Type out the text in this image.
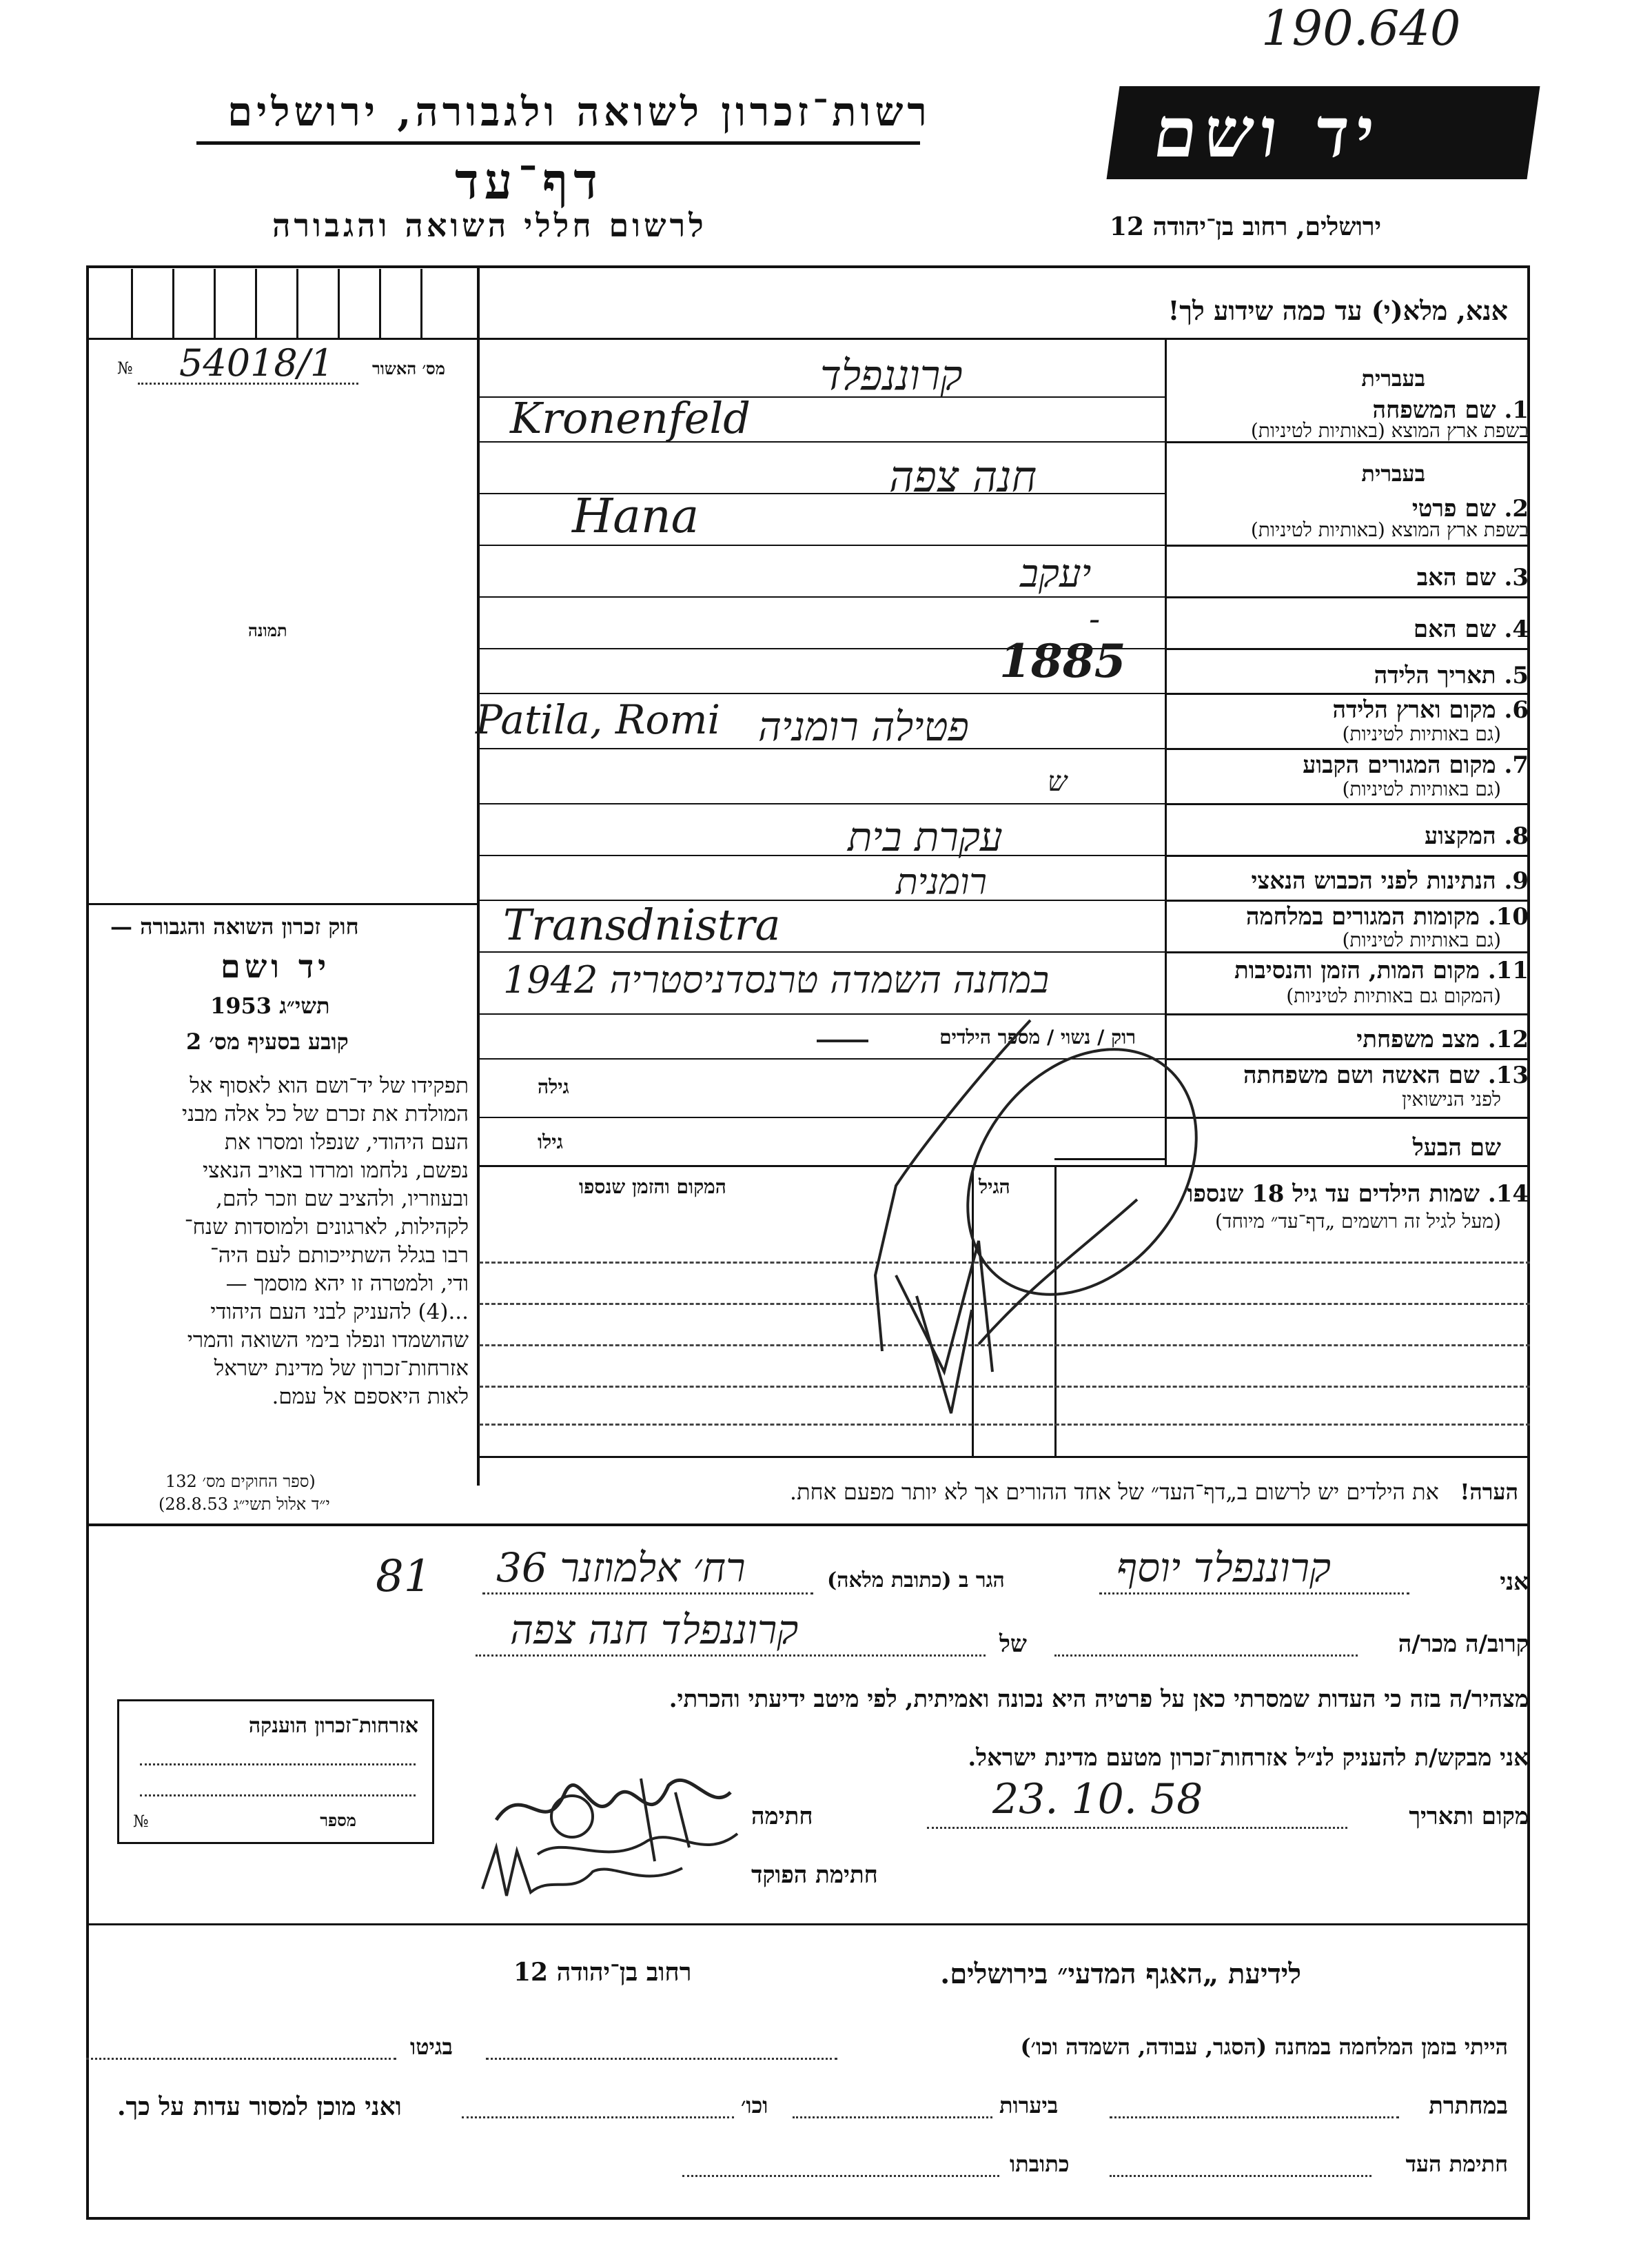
190.640
רשות־זכרון לשואה ולגבורה, ירושלים
דף־עד
לרשום חללי השואה והגבורה
יד ושם
ירושלים, רחוב בן־יהודה 12
אנא, מלא(י) עד כמה שידוע לך!
מס׳ האשור
54018/1
№
תמונה
חוק זכרון השואה והגבורה —
יד ושם
תשי״ג 1953
קובע בסעיף מס׳ 2
תפקידו של יד־ושם הוא לאסוף אל
המולדת את זכרם של כל אלה מבני
העם היהודי, שנפלו ומסרו את
נפשם, נלחמו ומרדו באויב הנאצי
ובעוזריו, ולהציב שם וזכר להם,
לקהילות, לארגונים ולמוסדות שנח־
רבו בגלל השתייכותם לעם היה־
ודי, ולמטרה זו יהא מוסמך —
...(4) להעניק לבני העם היהודי
שהושמדו ונפלו בימי השואה והמרי
אזרחות־זכרון של מדינת ישראל
לאות היאספם אל עמם.
(ספר החוקים מס׳ 132
י״ד אלול תשי״ג 28.8.53)
1. שם המשפחה
בשפת ארץ המוצא (באותיות לטיניות)
בעברית
2. שם פרטי
בשפת ארץ המוצא (באותיות לטיניות)
בעברית
3. שם האב
4. שם האם
5. תאריך הלידה
6. מקום וארץ הלידה
(גם באותיות לטיניות)
7. מקום המגורים הקבוע
(גם באותיות לטיניות)
8. המקצוע
9. הנתינות לפני הכבוש הנאצי
10. מקומות המגורים במלחמה
(גם באותיות לטיניות)
11. מקום המות, הזמן והנסיבות
(המקום גם באותיות לטיניות)
12. מצב משפחתי
רוק / נשוי / מספר הילדים
13. שם האשה ושם משפחתה
לפני הנישואין
גילה
שם הבעל
גילו
14. שמות הילדים עד גיל 18 שנספו
(מעל לגיל זה רושמים „דף־עד״ מיוחד)
הגיל
המקום והזמן שנספו
הערה!   את הילדים יש לרשום ב„דף־העד״ של אחד ההורים אך לא יותר מפעם אחת.
קרוננפלד
Kronenfeld
חנה צפה
Hana
יעקב
-
1885
פטילה רומניה
Patila, Romi
ש
עקרת בית
רומנית
Transdnistra
במחנה השמדה טרנסדניסטריה 1942
81	אני
קרוננפלד יוסף
הגר ב (כתובת מלאה)
רח׳ אלמוזנר 36
קרוב/ה מכר/ה
של
קרוננפלד חנה צפה
מצהיר/ה בזה כי העדות שמסרתי כאן על פרטיה היא נכונה ואמיתית, לפי מיטב ידיעתי והכרתי.
אני מבקש/ת להעניק לנ״ל אזרחות־זכרון מטעם מדינת ישראל.
מקום ותאריך
23. 10. 58
חתימה
חתימת הפוקד
אזרחות־זכרון הוענקה
מספר
№
לידיעת „האגף המדעי״ בירושלים.
רחוב בן־יהודה 12
הייתי בזמן המלחמה במחנה (הסגר, עבודה, השמדה וכו׳)
בגיטו
במחתרת
ביערות
וכו׳
ואני מוכן למסור עדות על כך.
חתימת העד
כתובתו
